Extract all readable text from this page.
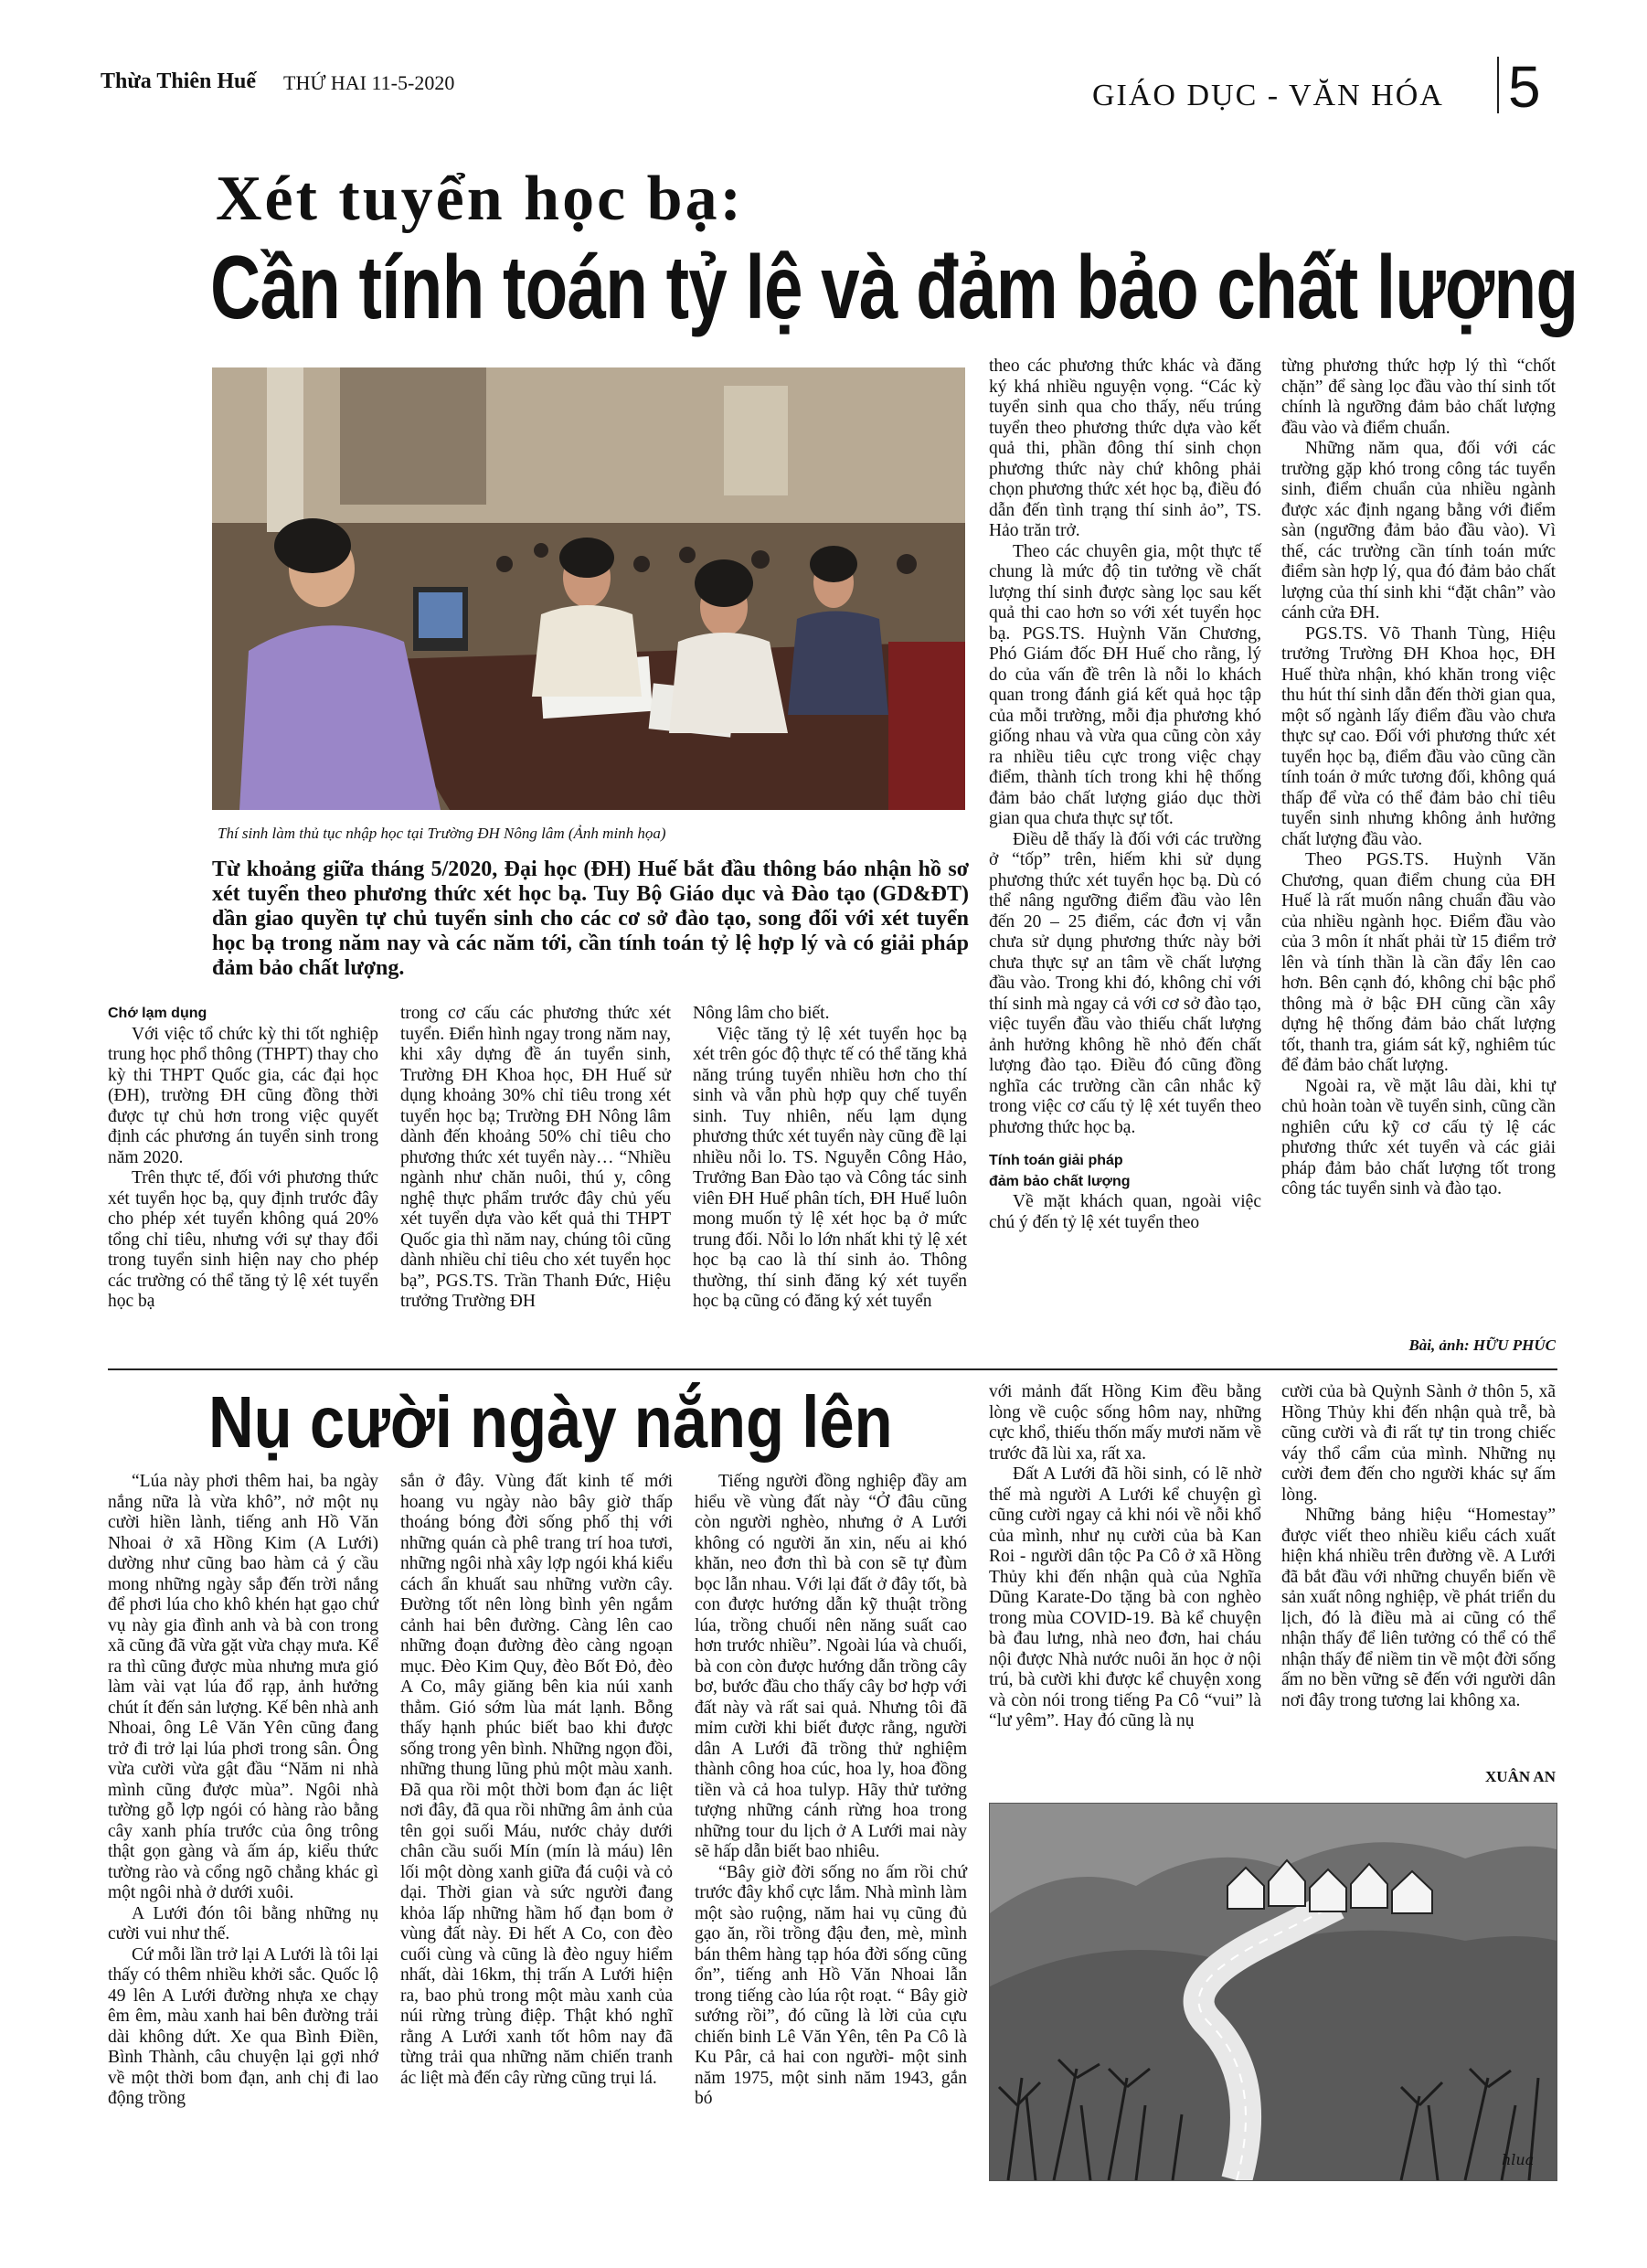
Thừa Thiên Huế THỨ HAI 11-5-2020	GIÁO DỤC - VĂN HÓA 5
Xét tuyển học bạ:
Cần tính toán tỷ lệ và đảm bảo chất lượng
Thí sinh làm thủ tục nhập học tại Trường ĐH Nông lâm (Ảnh minh họa)
Từ khoảng giữa tháng 5/2020, Đại học (ĐH) Huế bắt đầu thông báo nhận hồ sơ xét tuyển theo phương thức xét học bạ. Tuy Bộ Giáo dục và Đào tạo (GD&ĐT) dần giao quyền tự chủ tuyển sinh cho các cơ sở đào tạo, song đối với xét tuyển học bạ trong năm nay và các năm tới, cần tính toán tỷ lệ hợp lý và có giải pháp đảm bảo chất lượng.
Chớ lạm dụng

Với việc tổ chức kỳ thi tốt nghiệp trung học phổ thông (THPT) thay cho kỳ thi THPT Quốc gia, các đại học (ĐH), trường ĐH cũng đồng thời được tự chủ hơn trong việc quyết định các phương án tuyển sinh trong năm 2020.

Trên thực tế, đối với phương thức xét tuyển học bạ, quy định trước đây cho phép xét tuyển không quá 20% tổng chỉ tiêu, nhưng với sự thay đổi trong tuyển sinh hiện nay cho phép các trường có thể tăng tỷ lệ xét tuyển học bạ

trong cơ cấu các phương thức xét tuyển. Điển hình ngay trong năm nay, khi xây dựng đề án tuyển sinh, Trường ĐH Khoa học, ĐH Huế sử dụng khoảng 30% chỉ tiêu trong xét tuyển học bạ; Trường ĐH Nông lâm dành đến khoảng 50% chỉ tiêu cho phương thức xét tuyển này… “Nhiều ngành như chăn nuôi, thú y, công nghệ thực phẩm trước đây chủ yếu xét tuyển dựa vào kết quả thi THPT Quốc gia thì năm nay, chúng tôi cũng dành nhiều chỉ tiêu cho xét tuyển học bạ”, PGS.TS. Trần Thanh Đức, Hiệu trưởng Trường ĐH

Nông lâm cho biết.

Việc tăng tỷ lệ xét tuyển học bạ xét trên góc độ thực tế có thể tăng khả năng trúng tuyển nhiều hơn cho thí sinh và vẫn phù hợp quy chế tuyển sinh. Tuy nhiên, nếu lạm dụng phương thức xét tuyển này cũng đề lại nhiều nỗi lo. TS. Nguyễn Công Hảo, Trưởng Ban Đào tạo và Công tác sinh viên ĐH Huế phân tích, ĐH Huế luôn mong muốn tỷ lệ xét học bạ ở mức trung đối. Nỗi lo lớn nhất khi tỷ lệ xét học bạ cao là thí sinh ảo. Thông thường, thí sinh đăng ký xét tuyển học bạ cũng có đăng ký xét tuyển

theo các phương thức khác và đăng ký khá nhiều nguyện vọng. “Các kỳ tuyển sinh qua cho thấy, nếu trúng tuyển theo phương thức dựa vào kết quả thi, phần đông thí sinh chọn phương thức này chứ không phải chọn phương thức xét học bạ, điều đó dẫn đến tình trạng thí sinh ảo”, TS. Hảo trăn trở.

Theo các chuyên gia, một thực tế chung là mức độ tin tưởng về chất lượng thí sinh được sàng lọc sau kết quả thi cao hơn so với xét tuyển học bạ. PGS.TS. Huỳnh Văn Chương, Phó Giám đốc ĐH Huế cho rằng, lý do của vấn đề trên là nỗi lo khách quan trong đánh giá kết quả học tập của mỗi trường, mỗi địa phương khó giống nhau và vừa qua cũng còn xảy ra nhiều tiêu cực trong việc chạy điểm, thành tích trong khi hệ thống đảm bảo chất lượng giáo dục thời gian qua chưa thực sự tốt.

Điều dễ thấy là đối với các trường ở “tốp” trên, hiếm khi sử dụng phương thức xét tuyển học bạ. Dù có thể nâng ngưỡng điểm đầu vào lên đến 20 – 25 điểm, các đơn vị vẫn chưa sử dụng phương thức này bởi chưa thực sự an tâm về chất lượng đầu vào. Trong khi đó, không chỉ với thí sinh mà ngay cả với cơ sở đào tạo, việc tuyển đầu vào thiếu chất lượng ảnh hưởng không hề nhỏ đến chất lượng đào tạo. Điều đó cũng đồng nghĩa các trường cần cân nhắc kỹ trong việc cơ cấu tỷ lệ xét tuyển theo phương thức học bạ.

Tính toán giải pháp
đảm bảo chất lượng

Về mặt khách quan, ngoài việc chú ý đến tỷ lệ xét tuyển theo

từng phương thức hợp lý thì “chốt chặn” để sàng lọc đầu vào thí sinh tốt chính là ngưỡng đảm bảo chất lượng đầu vào và điểm chuẩn.

Những năm qua, đối với các trường gặp khó trong công tác tuyển sinh, điểm chuẩn của nhiều ngành được xác định ngang bằng với điểm sàn (ngưỡng đảm bảo đầu vào). Vì thế, các trường cần tính toán mức điểm sàn hợp lý, qua đó đảm bảo chất lượng của thí sinh khi “đặt chân” vào cánh cửa ĐH.

PGS.TS. Võ Thanh Tùng, Hiệu trưởng Trường ĐH Khoa học, ĐH Huế thừa nhận, khó khăn trong việc thu hút thí sinh dẫn đến thời gian qua, một số ngành lấy điểm đầu vào chưa thực sự cao. Đối với phương thức xét tuyển học bạ, điểm đầu vào cũng cần tính toán ở mức tương đối, không quá thấp để vừa có thể đảm bảo chỉ tiêu tuyển sinh nhưng không ảnh hưởng chất lượng đầu vào.

Theo PGS.TS. Huỳnh Văn Chương, quan điểm chung của ĐH Huế là rất muốn nâng chuẩn đầu vào của nhiều ngành học. Điểm đầu vào của 3 môn ít nhất phải từ 15 điểm trở lên và tính thần là cần đẩy lên cao hơn. Bên cạnh đó, không chỉ bậc phổ thông mà ở bậc ĐH cũng cần xây dựng hệ thống đảm bảo chất lượng tốt, thanh tra, giám sát kỹ, nghiêm túc để đảm bảo chất lượng.

Ngoài ra, về mặt lâu dài, khi tự chủ hoàn toàn về tuyển sinh, cũng cần nghiên cứu kỹ cơ cấu tỷ lệ các phương thức xét tuyển và các giải pháp đảm bảo chất lượng tốt trong công tác tuyển sinh và đào tạo.

Bài, ảnh: HỮU PHÚC
Nụ cười ngày nắng lên

“Lúa này phơi thêm hai, ba ngày nắng nữa là vừa khô”, nở một nụ cười hiền lành, tiếng anh Hồ Văn Nhoai ở xã Hồng Kim (A Lưới) dường như cũng bao hàm cả ý cầu mong những ngày sắp đến trời nắng để phơi lúa cho khô khén hạt gạo chứ vụ này gia đình anh và bà con trong xã cũng đã vừa gặt vừa chạy mưa. Kể ra thì cũng được mùa nhưng mưa gió làm vài vạt lúa đổ rạp, ảnh hưởng chút ít đến sản lượng. Kế bên nhà anh Nhoai, ông Lê Văn Yên cũng đang trở đi trở lại lúa phơi trong sân. Ông vừa cười vừa gật đầu “Năm ni nhà mình cũng được mùa”. Ngôi nhà tường gỗ lợp ngói có hàng rào bằng cây xanh phía trước của ông trông thật gọn gàng và ấm áp, kiểu thức tường rào và cổng ngõ chẳng khác gì một ngôi nhà ở dưới xuôi.

A Lưới đón tôi bằng những nụ cười vui như thế.

Cứ mỗi lần trở lại A Lưới là tôi lại thấy có thêm nhiều khởi sắc. Quốc lộ 49 lên A Lưới đường nhựa xe chạy êm êm, màu xanh hai bên đường trải dài không dứt. Xe qua Bình Điền, Bình Thành, câu chuyện lại gợi nhớ về một thời bom đạn, anh chị đi lao động trồng

sắn ở đây. Vùng đất kinh tế mới hoang vu ngày nào bây giờ thấp thoáng bóng đời sống phố thị với những quán cà phê trang trí hoa tươi, những ngôi nhà xây lợp ngói khá kiểu cách ẩn khuất sau những vườn cây. Đường tốt nên lòng bình yên ngắm cảnh hai bên đường. Càng lên cao những đoạn đường đèo càng ngoạn mục. Đèo Kim Quy, đèo Bốt Đỏ, đèo A Co, mây giăng bên kia núi xanh thẳm. Gió sớm lùa mát lạnh. Bỗng thấy hạnh phúc biết bao khi được sống trong yên bình. Những ngọn đồi, những thung lũng phủ một màu xanh. Đã qua rồi một thời bom đạn ác liệt nơi đây, đã qua rồi những âm ảnh của tên gọi suối Máu, nước chảy dưới chân cầu suối Mín (mín là máu) lên lối một dòng xanh giữa đá cuội và cỏ dại. Thời gian và sức người đang khỏa lấp những hầm hố đạn bom ở vùng đất này. Đi hết A Co, con đèo cuối cùng và cũng là đèo nguy hiểm nhất, dài 16km, thị trấn A Lưới hiện ra, bao phủ trong một màu xanh của núi rừng trùng điệp. Thật khó nghĩ rằng A Lưới xanh tốt hôm nay đã từng trải qua những năm chiến tranh ác liệt mà đến cây rừng cũng trụi lá.

Tiếng người đồng nghiệp đầy am hiểu về vùng đất này “Ở đâu cũng còn người nghèo, nhưng ở A Lưới không có người ăn xin, nếu ai khó khăn, neo đơn thì bà con sẽ tự đùm bọc lẫn nhau. Với lại đất ở đây tốt, bà con được hướng dẫn kỹ thuật trồng lúa, trồng chuối nên năng suất cao hơn trước nhiều”. Ngoài lúa và chuối, bà con còn được hướng dẫn trồng cây bơ, bước đầu cho thấy cây bơ hợp với đất này và rất sai quả. Nhưng tôi đã mỉm cười khi biết được rằng, người dân A Lưới đã trồng thử nghiệm thành công hoa cúc, hoa ly, hoa đồng tiền và cả hoa tulyp. Hãy thử tưởng tượng những cánh rừng hoa trong những tour du lịch ở A Lưới mai này sẽ hấp dẫn biết bao nhiêu.

“Bây giờ đời sống no ấm rồi chứ trước đây khổ cực lắm. Nhà mình làm một sào ruộng, năm hai vụ cũng đủ gạo ăn, rồi trồng đậu đen, mè, mình bán thêm hàng tạp hóa đời sống cũng ổn”, tiếng anh Hồ Văn Nhoai lẫn trong tiếng cào lúa rột roạt. “ Bây giờ sướng rồi”, đó cũng là lời của cựu chiến binh Lê Văn Yên, tên Pa Cô là Ku Pâr, cả hai con người- một sinh năm 1975, một sinh năm 1943, gắn bó

với mảnh đất Hồng Kim đều bằng lòng về cuộc sống hôm nay, những cực khổ, thiếu thốn mấy mươi năm về trước đã lùi xa, rất xa.

Đất A Lưới đã hồi sinh, có lẽ nhờ thế mà người A Lưới kể chuyện gì cũng cười ngay cả khi nói về nỗi khổ của mình, như nụ cười của bà Kan Roi - người dân tộc Pa Cô ở xã Hồng Thủy khi đến nhận quà của Nghĩa Dũng Karate-Do tặng bà con nghèo trong mùa COVID-19. Bà kể chuyện bà đau lưng, nhà neo đơn, hai cháu nội được Nhà nước nuôi ăn học ở nội trú, bà cười khi được kể chuyện xong và còn nói trong tiếng Pa Cô “vui” là “lư yêm”. Hay đó cũng là nụ

cười của bà Quỳnh Sành ở thôn 5, xã Hồng Thủy khi đến nhận quà trễ, bà cũng cười và đi rất tự tin trong chiếc váy thổ cẩm của mình. Những nụ cười đem đến cho người khác sự ấm lòng.

Những bảng hiệu “Homestay” được viết theo nhiều kiểu cách xuất hiện khá nhiều trên đường về. A Lưới đã bắt đầu với những chuyển biến về sản xuất nông nghiệp, về phát triển du lịch, đó là điều mà ai cũng có thể nhận thấy để liên tưởng có thể có thể nhận thấy để niềm tin về một đời sống ấm no bền vững sẽ đến với người dân nơi đây trong tương lai không xa.

XUÂN AN
hlua
